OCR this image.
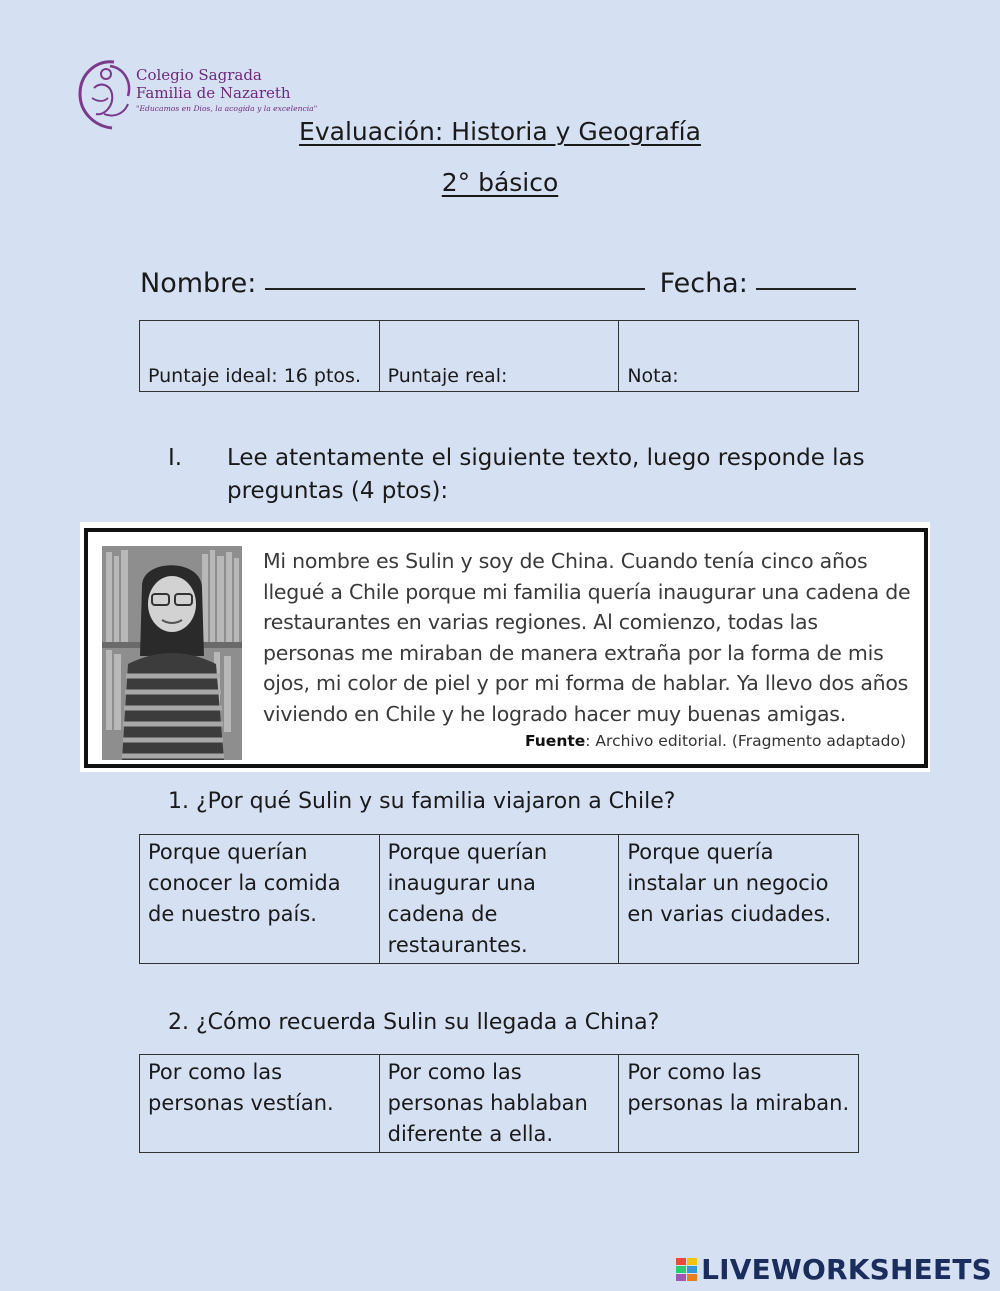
Colegio Sagrada
Familia de Nazareth
"Educamos en Dios, la acogida y la excelencia"
Evaluación: Historia y Geografía
2° básico
Nombre:	Fecha:
Puntaje ideal: 16 ptos.	Puntaje real:	Nota:
I. Lee atentamente el siguiente texto, luego responde las preguntas (4 ptos):
Mi nombre es Sulin y soy de China. Cuando tenía cinco años llegué a Chile porque mi familia quería inaugurar una cadena de restaurantes en varias regiones. Al comienzo, todas las personas me miraban de manera extraña por la forma de mis ojos, mi color de piel y por mi forma de hablar. Ya llevo dos años viviendo en Chile y he logrado hacer muy buenas amigas.
Fuente: Archivo editorial. (Fragmento adaptado)
1. ¿Por qué Sulin y su familia viajaron a Chile?
Porque querían conocer la comida de nuestro país.	Porque querían inaugurar una cadena de restaurantes.	Porque quería instalar un negocio en varias ciudades.
2. ¿Cómo recuerda Sulin su llegada a China?
Por como las personas vestían.	Por como las personas hablaban diferente a ella.	Por como las personas la miraban.
LIVEWORKSHEETS
